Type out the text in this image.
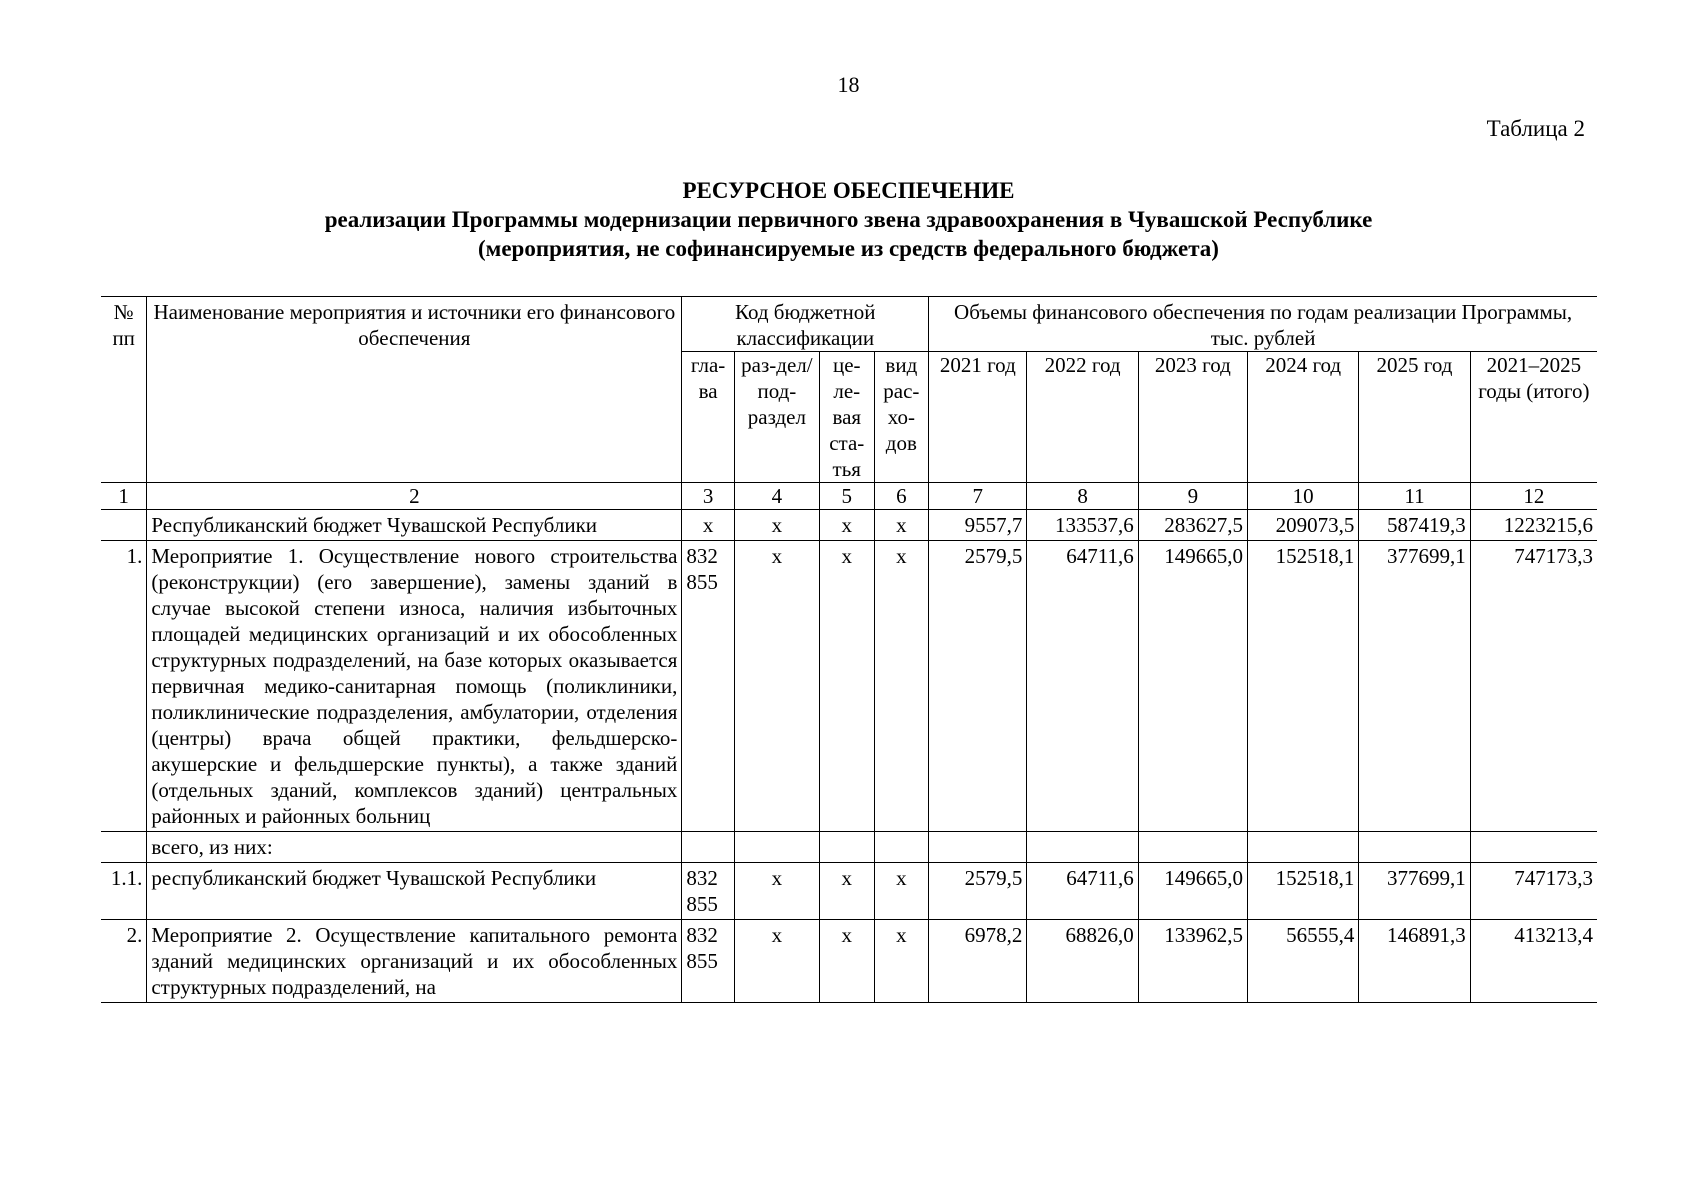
18
Таблица 2
РЕСУРСНОЕ ОБЕСПЕЧЕНИЕ
реализации Программы модернизации первичного звена здравоохранения в Чувашской Республике
(мероприятия, не софинансируемые из средств федерального бюджета)
№ пп	Наименование мероприятия и источники его финансового обеспечения	Код бюджетной классификации				Объемы финансового обеспечения по годам реализации Программы, тыс. рублей					
		гла-ва	раз-дел/ под-раздел	це-ле-вая ста-тья	вид рас-хо-дов	2021 год	2022 год	2023 год	2024 год	2025 год	2021–2025 годы (итого)
1	2	3	4	5	6	7	8	9	10	11	12
	Республиканский бюджет Чувашской Республики	x	x	x	x	9557,7	133537,6	283627,5	209073,5	587419,3	1223215,6
1.	Мероприятие 1. Осуществление нового строительства (реконструкции) (его завершение), замены зданий в случае высокой степени износа, наличия избыточных площадей медицинских организаций и их обособленных структурных подразделений, на базе которых оказывается первичная медико-санитарная помощь (поликлиники, поликлинические подразделения, амбулатории, отделения (центры) врача общей практики, фельдшерско-акушерские и фельдшерские пункты), а также зданий (отдельных зданий, комплексов зданий) центральных районных и районных больниц	832 855	x	x	x	2579,5	64711,6	149665,0	152518,1	377699,1	747173,3
	всего, из них:										
1.1.	республиканский бюджет Чувашской Республики	832 855	x	x	x	2579,5	64711,6	149665,0	152518,1	377699,1	747173,3
2.	Мероприятие 2. Осуществление капитального ремонта зданий медицинских организаций и их обособленных структурных подразделений, на	832 855	x	x	x	6978,2	68826,0	133962,5	56555,4	146891,3	413213,4
